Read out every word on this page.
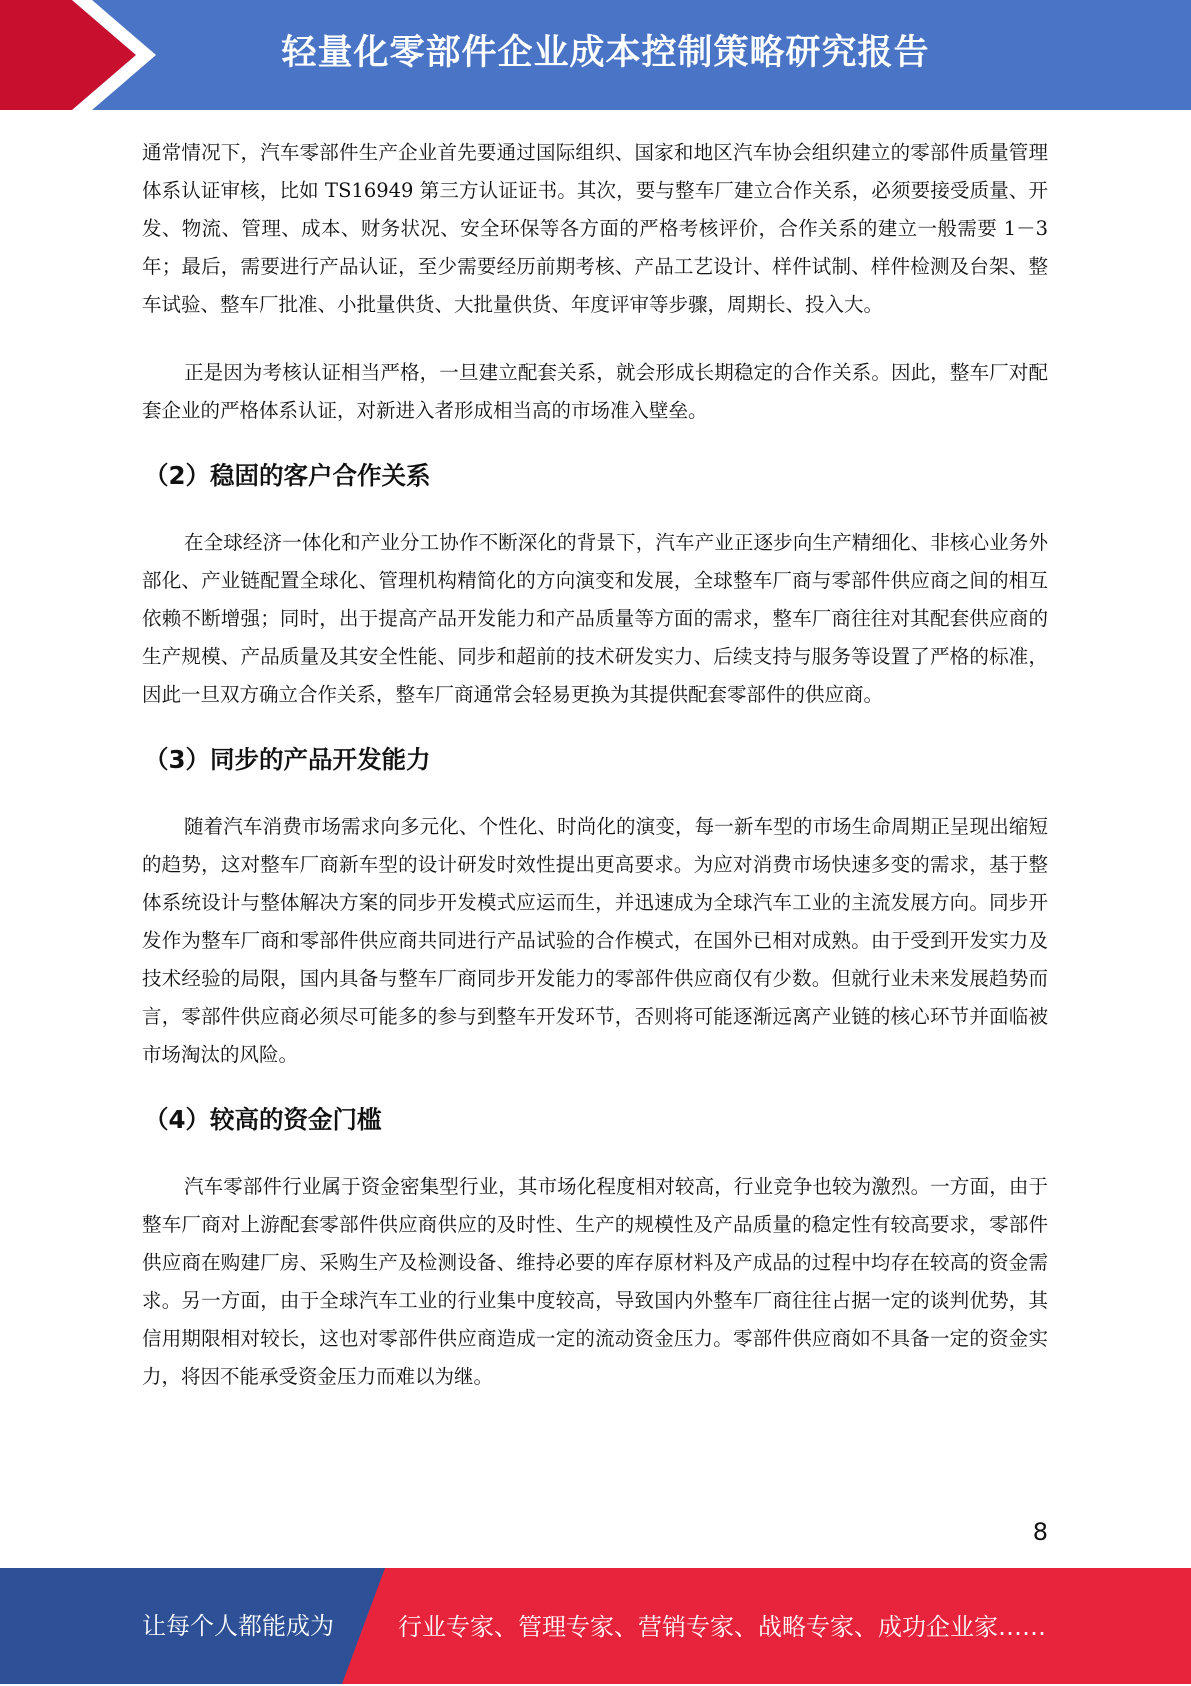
轻量化零部件企业成本控制策略研究报告

通常情况下，汽车零部件生产企业首先要通过国际组织、国家和地区汽车协会组织建立的零部件质量管理体系认证审核，比如 TS16949 第三方认证证书。其次，要与整车厂建立合作关系，必须要接受质量、开发、物流、管理、成本、财务状况、安全环保等各方面的严格考核评价，合作关系的建立一般需要 1－3 年；最后，需要进行产品认证，至少需要经历前期考核、产品工艺设计、样件试制、样件检测及台架、整车试验、整车厂批准、小批量供货、大批量供货、年度评审等步骤，周期长、投入大。

正是因为考核认证相当严格，一旦建立配套关系，就会形成长期稳定的合作关系。因此，整车厂对配套企业的严格体系认证，对新进入者形成相当高的市场准入壁垒。

（2）稳固的客户合作关系

在全球经济一体化和产业分工协作不断深化的背景下，汽车产业正逐步向生产精细化、非核心业务外部化、产业链配置全球化、管理机构精简化的方向演变和发展，全球整车厂商与零部件供应商之间的相互依赖不断增强；同时，出于提高产品开发能力和产品质量等方面的需求，整车厂商往往对其配套供应商的生产规模、产品质量及其安全性能、同步和超前的技术研发实力、后续支持与服务等设置了严格的标准，因此一旦双方确立合作关系，整车厂商通常会轻易更换为其提供配套零部件的供应商。

（3）同步的产品开发能力

随着汽车消费市场需求向多元化、个性化、时尚化的演变，每一新车型的市场生命周期正呈现出缩短的趋势，这对整车厂商新车型的设计研发时效性提出更高要求。为应对消费市场快速多变的需求，基于整体系统设计与整体解决方案的同步开发模式应运而生，并迅速成为全球汽车工业的主流发展方向。同步开发作为整车厂商和零部件供应商共同进行产品试验的合作模式，在国外已相对成熟。由于受到开发实力及技术经验的局限，国内具备与整车厂商同步开发能力的零部件供应商仅有少数。但就行业未来发展趋势而言，零部件供应商必须尽可能多的参与到整车开发环节，否则将可能逐渐远离产业链的核心环节并面临被市场淘汰的风险。

（4）较高的资金门槛

汽车零部件行业属于资金密集型行业，其市场化程度相对较高，行业竞争也较为激烈。一方面，由于整车厂商对上游配套零部件供应商供应的及时性、生产的规模性及产品质量的稳定性有较高要求，零部件供应商在购建厂房、采购生产及检测设备、维持必要的库存原材料及产成品的过程中均存在较高的资金需求。另一方面，由于全球汽车工业的行业集中度较高，导致国内外整车厂商往往占据一定的谈判优势，其信用期限相对较长，这也对零部件供应商造成一定的流动资金压力。零部件供应商如不具备一定的资金实力，将因不能承受资金压力而难以为继。

8
让每个人都能成为	行业专家、管理专家、营销专家、战略专家、成功企业家……
